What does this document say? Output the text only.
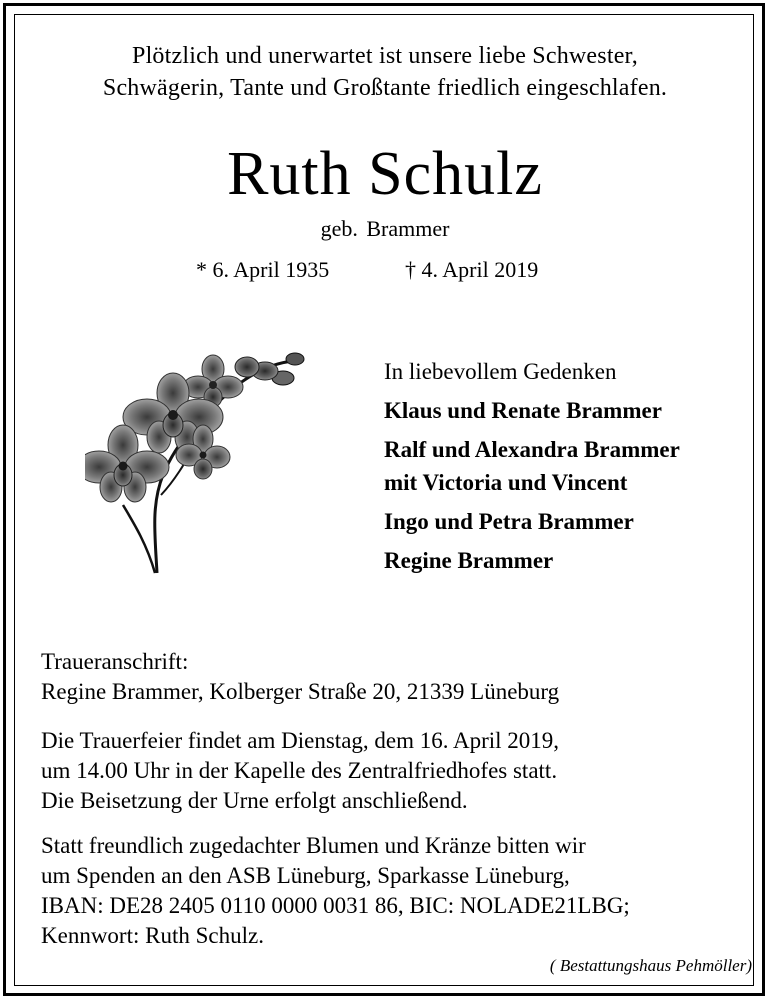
Plötzlich und unerwartet ist unsere liebe Schwester,
Schwägerin, Tante und Großtante friedlich eingeschlafen.
Ruth Schulz
geb. Brammer
* 6. April 1935	† 4. April 2019
In liebevollem Gedenken
Klaus und Renate Brammer
Ralf und Alexandra Brammer
mit Victoria und Vincent
Ingo und Petra Brammer
Regine Brammer
Traueranschrift:
Regine Brammer, Kolberger Straße 20, 21339 Lüneburg
Die Trauerfeier findet am Dienstag, dem 16. April 2019,
um 14.00 Uhr in der Kapelle des Zentralfriedhofes statt.
Die Beisetzung der Urne erfolgt anschließend.
Statt freundlich zugedachter Blumen und Kränze bitten wir
um Spenden an den ASB Lüneburg, Sparkasse Lüneburg,
IBAN: DE28 2405 0110 0000 0031 86, BIC: NOLADE21LBG;
Kennwort: Ruth Schulz.
( Bestattungshaus Pehmöller)
